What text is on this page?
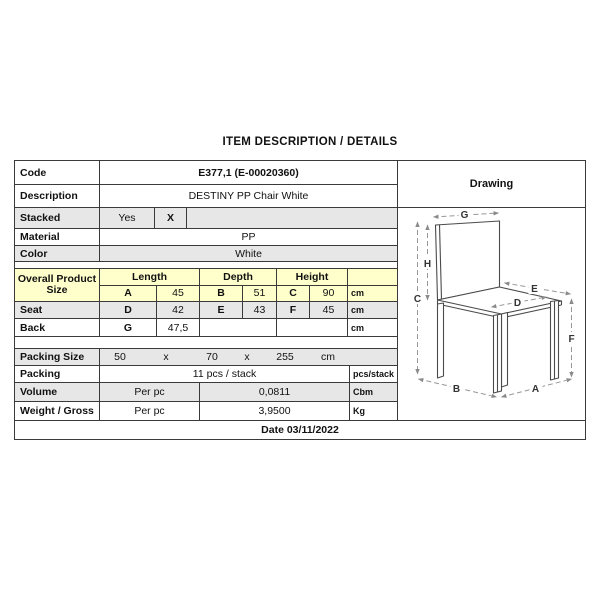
ITEM DESCRIPTION / DETAILS
Code	E377,1 (E-00020360)
Description	DESTINY PP Chair White
Stacked	Yes	X
Material	PP
Color	White
Overall Product
Size
Length	Depth	Height
A	45	B	51	C	90	cm
Seat	D	42	E	43	F	45	cm
Back	G	47,5	cm
Packing Size	50	x	70	x	255	cm
Packing	11 pcs / stack	pcs/stack
Volume	Per pc	0,0811	Cbm
Weight / Gross	Per pc	3,9500	Kg
Drawing
G
H
C
E
D
F
B	A
Date 03/11/2022
